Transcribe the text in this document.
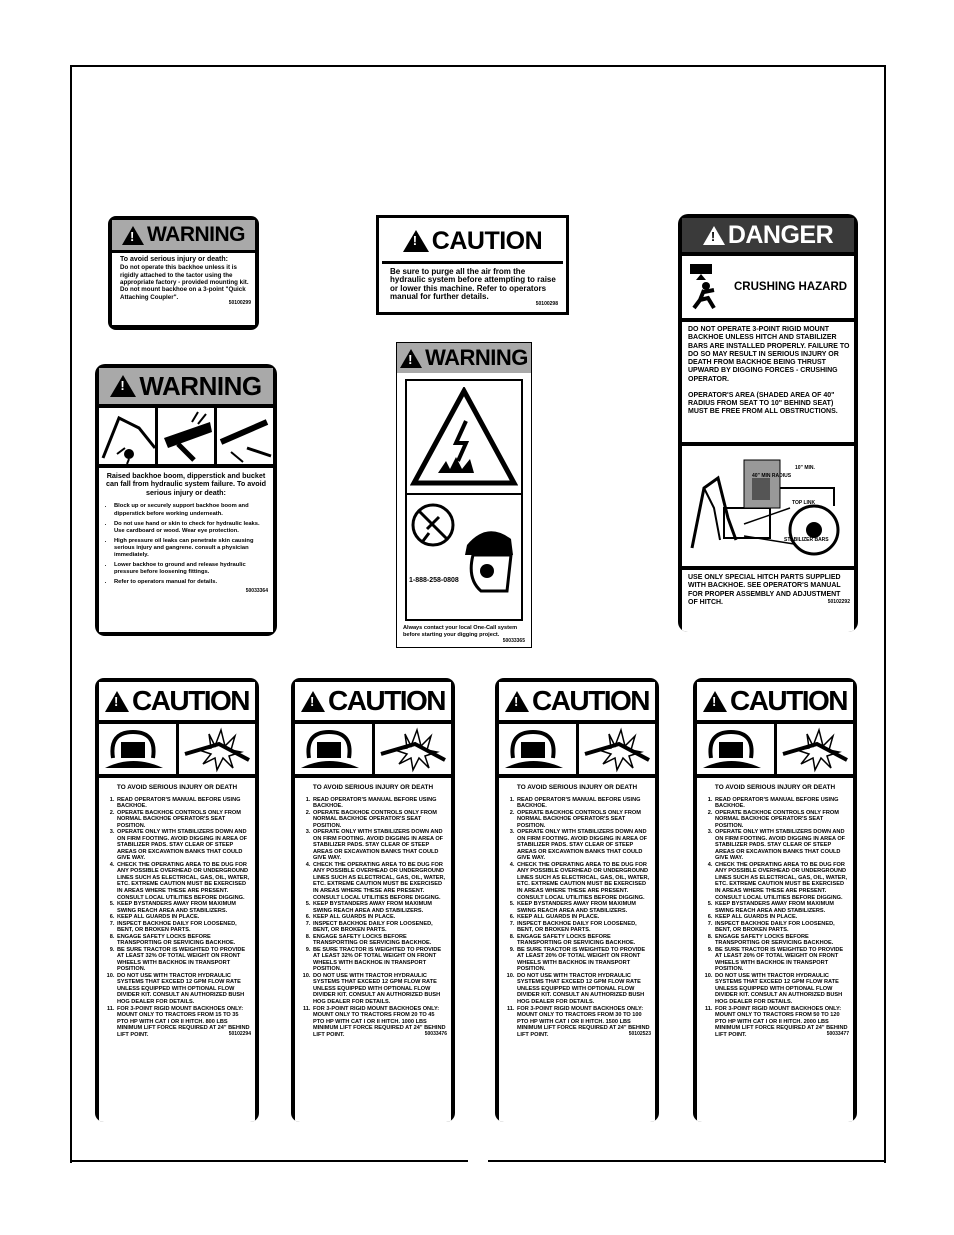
!
WARNING
To avoid serious injury or death:
Do not operate this backhoe unless it is rigidly attached to the tactor using the appropriate factory - provided mounting kit. Do not mount backhoe on a 3-point "Quick Attaching Coupler".
50100299
!
CAUTION
Be sure to purge all the air from the hydraulic system before attempting to raise or lower this machine. Refer to operators manual for further details.
50100298
!
DANGER
CRUSHING HAZARD
DO NOT OPERATE 3-POINT RIGID MOUNT BACKHOE UNLESS HITCH AND STABILIZER BARS ARE INSTALLED PROPERLY. FAILURE TO DO SO MAY RESULT IN SERIOUS INJURY OR DEATH FROM BACKHOE BEING THRUST UPWARD BY DIGGING FORCES - CRUSHING OPERATOR.
OPERATOR'S AREA (SHADED AREA OF 40" RADIUS FROM SEAT TO 10" BEHIND SEAT) MUST BE FREE FROM ALL OBSTRUCTIONS.
10" MIN.
40" MIN RADIUS
TOP LINK
STABILIZER BARS
USE ONLY SPECIAL HITCH PARTS SUPPLIED WITH BACKHOE. SEE OPERATOR'S MANUAL FOR PROPER ASSEMBLY AND ADJUSTMENT OF HITCH.	50102292
!
WARNING
Raised backhoe boom, dipperstick and bucket can fall from hydraulic system failure. To avoid serious injury or death:
• Block up or securely support backhoe boom and dipperstick before working underneath.
• Do not use hand or skin to check for hydraulic leaks. Use cardboard or wood. Wear eye protection.
• High pressure oil leaks can penetrate skin causing serious injury and gangrene. consult a physician immediately.
• Lower backhoe to ground and release hydraulic pressure before loosening fittings.
• Refer to operators manual for details.
50033364
!
WARNING
1-888-258-0808
Always contact your local One-Call system before starting your digging project.
50033365
!
CAUTION
TO AVOID SERIOUS INJURY OR DEATH
1. READ OPERATOR'S MANUAL BEFORE USING BACKHOE.
2. OPERATE BACKHOE CONTROLS ONLY FROM NORMAL BACKHOE OPERATOR'S SEAT POSITION.
3. OPERATE ONLY WITH STABILIZERS DOWN AND ON FIRM FOOTING. AVOID DIGGING IN AREA OF STABILIZER PADS. STAY CLEAR OF STEEP AREAS OR EXCAVATION BANKS THAT COULD GIVE WAY.
4. CHECK THE OPERATING AREA TO BE DUG FOR ANY POSSIBLE OVERHEAD OR UNDERGROUND LINES SUCH AS ELECTRICAL, GAS, OIL, WATER, ETC. EXTREME CAUTION MUST BE EXERCISED IN AREAS WHERE THESE ARE PRESENT. CONSULT LOCAL UTILITIES BEFORE DIGGING.
5. KEEP BYSTANDERS AWAY FROM MAXIMUM SWING REACH AREA AND STABILIZERS.
6. KEEP ALL GUARDS IN PLACE.
7. INSPECT BACKHOE DAILY FOR LOOSENED, BENT, OR BROKEN PARTS.
8. ENGAGE SAFETY LOCKS BEFORE TRANSPORTING OR SERVICING BACKHOE.
9. BE SURE TRACTOR IS WEIGHTED TO PROVIDE AT LEAST 32% OF TOTAL WEIGHT ON FRONT WHEELS WITH BACKHOE IN TRANSPORT POSITION.
10. DO NOT USE WITH TRACTOR HYDRAULIC SYSTEMS THAT EXCEED 12 GPM FLOW RATE UNLESS EQUIPPED WITH OPTIONAL FLOW DIVIDER KIT. CONSULT AN AUTHORIZED BUSH HOG DEALER FOR DETAILS.
11. FOR 3-POINT RIGID MOUNT BACKHOES ONLY: MOUNT ONLY TO TRACTORS FROM 15 TO 35 PTO HP WITH CAT I OR II HITCH. 800 LBS MINIMUM LIFT FORCE REQUIRED AT 24" BEHIND LIFT POINT.	50102294
!
CAUTION
TO AVOID SERIOUS INJURY OR DEATH
1. READ OPERATOR'S MANUAL BEFORE USING BACKHOE.
2. OPERATE BACKHOE CONTROLS ONLY FROM NORMAL BACKHOE OPERATOR'S SEAT POSITION.
3. OPERATE ONLY WITH STABILIZERS DOWN AND ON FIRM FOOTING. AVOID DIGGING IN AREA OF STABILIZER PADS. STAY CLEAR OF STEEP AREAS OR EXCAVATION BANKS THAT COULD GIVE WAY.
4. CHECK THE OPERATING AREA TO BE DUG FOR ANY POSSIBLE OVERHEAD OR UNDERGROUND LINES SUCH AS ELECTRICAL, GAS, OIL, WATER, ETC. EXTREME CAUTION MUST BE EXERCISED IN AREAS WHERE THESE ARE PRESENT. CONSULT LOCAL UTILITIES BEFORE DIGGING.
5. KEEP BYSTANDERS AWAY FROM MAXIMUM SWING REACH AREA AND STABILIZERS.
6. KEEP ALL GUARDS IN PLACE.
7. INSPECT BACKHOE DAILY FOR LOOSENED, BENT, OR BROKEN PARTS.
8. ENGAGE SAFETY LOCKS BEFORE TRANSPORTING OR SERVICING BACKHOE.
9. BE SURE TRACTOR IS WEIGHTED TO PROVIDE AT LEAST 32% OF TOTAL WEIGHT ON FRONT WHEELS WITH BACKHOE IN TRANSPORT POSITION.
10. DO NOT USE WITH TRACTOR HYDRAULIC SYSTEMS THAT EXCEED 12 GPM FLOW RATE UNLESS EQUIPPED WITH OPTIONAL FLOW DIVIDER KIT. CONSULT AN AUTHORIZED BUSH HOG DEALER FOR DETAILS.
11. FOR 3-POINT RIGID MOUNT BACKHOES ONLY: MOUNT ONLY TO TRACTORS FROM 20 TO 45 PTO HP WITH CAT I OR II HITCH. 1000 LBS MINIMUM LIFT FORCE REQUIRED AT 24" BEHIND LIFT POINT.	50033476
!
CAUTION
TO AVOID SERIOUS INJURY OR DEATH
1. READ OPERATOR'S MANUAL BEFORE USING BACKHOE.
2. OPERATE BACKHOE CONTROLS ONLY FROM NORMAL BACKHOE OPERATOR'S SEAT POSITION.
3. OPERATE ONLY WITH STABILIZERS DOWN AND ON FIRM FOOTING. AVOID DIGGING IN AREA OF STABILIZER PADS. STAY CLEAR OF STEEP AREAS OR EXCAVATION BANKS THAT COULD GIVE WAY.
4. CHECK THE OPERATING AREA TO BE DUG FOR ANY POSSIBLE OVERHEAD OR UNDERGROUND LINES SUCH AS ELECTRICAL, GAS, OIL, WATER, ETC. EXTREME CAUTION MUST BE EXERCISED IN AREAS WHERE THESE ARE PRESENT. CONSULT LOCAL UTILITIES BEFORE DIGGING.
5. KEEP BYSTANDERS AWAY FROM MAXIMUM SWING REACH AREA AND STABILIZERS.
6. KEEP ALL GUARDS IN PLACE.
7. INSPECT BACKHOE DAILY FOR LOOSENED, BENT, OR BROKEN PARTS.
8. ENGAGE SAFETY LOCKS BEFORE TRANSPORTING OR SERVICING BACKHOE.
9. BE SURE TRACTOR IS WEIGHTED TO PROVIDE AT LEAST 20% OF TOTAL WEIGHT ON FRONT WHEELS WITH BACKHOE IN TRANSPORT POSITION.
10. DO NOT USE WITH TRACTOR HYDRAULIC SYSTEMS THAT EXCEED 12 GPM FLOW RATE UNLESS EQUIPPED WITH OPTIONAL FLOW DIVIDER KIT. CONSULT AN AUTHORIZED BUSH HOG DEALER FOR DETAILS.
11. FOR 3-POINT RIGID MOUNT BACKHOES ONLY: MOUNT ONLY TO TRACTORS FROM 30 TO 100 PTO HP WITH CAT I OR II HITCH. 1500 LBS MINIMUM LIFT FORCE REQUIRED AT 24" BEHIND LIFT POINT.	50102523
!
CAUTION
TO AVOID SERIOUS INJURY OR DEATH
1. READ OPERATOR'S MANUAL BEFORE USING BACKHOE.
2. OPERATE BACKHOE CONTROLS ONLY FROM NORMAL BACKHOE OPERATOR'S SEAT POSITION.
3. OPERATE ONLY WITH STABILIZERS DOWN AND ON FIRM FOOTING. AVOID DIGGING IN AREA OF STABILIZER PADS. STAY CLEAR OF STEEP AREAS OR EXCAVATION BANKS THAT COULD GIVE WAY.
4. CHECK THE OPERATING AREA TO BE DUG FOR ANY POSSIBLE OVERHEAD OR UNDERGROUND LINES SUCH AS ELECTRICAL, GAS, OIL, WATER, ETC. EXTREME CAUTION MUST BE EXERCISED IN AREAS WHERE THESE ARE PRESENT. CONSULT LOCAL UTILITIES BEFORE DIGGING.
5. KEEP BYSTANDERS AWAY FROM MAXIMUM SWING REACH AREA AND STABILIZERS.
6. KEEP ALL GUARDS IN PLACE.
7. INSPECT BACKHOE DAILY FOR LOOSENED, BENT, OR BROKEN PARTS.
8. ENGAGE SAFETY LOCKS BEFORE TRANSPORTING OR SERVICING BACKHOE.
9. BE SURE TRACTOR IS WEIGHTED TO PROVIDE AT LEAST 20% OF TOTAL WEIGHT ON FRONT WHEELS WITH BACKHOE IN TRANSPORT POSITION.
10. DO NOT USE WITH TRACTOR HYDRAULIC SYSTEMS THAT EXCEED 12 GPM FLOW RATE UNLESS EQUIPPED WITH OPTIONAL FLOW DIVIDER KIT. CONSULT AN AUTHORIZED BUSH HOG DEALER FOR DETAILS.
11. FOR 3-POINT RIGID MOUNT BACKHOES ONLY: MOUNT ONLY TO TRACTORS FROM 50 TO 120 PTO HP WITH CAT I OR II HITCH. 2000 LBS MINIMUM LIFT FORCE REQUIRED AT 24" BEHIND LIFT POINT.	50033477
